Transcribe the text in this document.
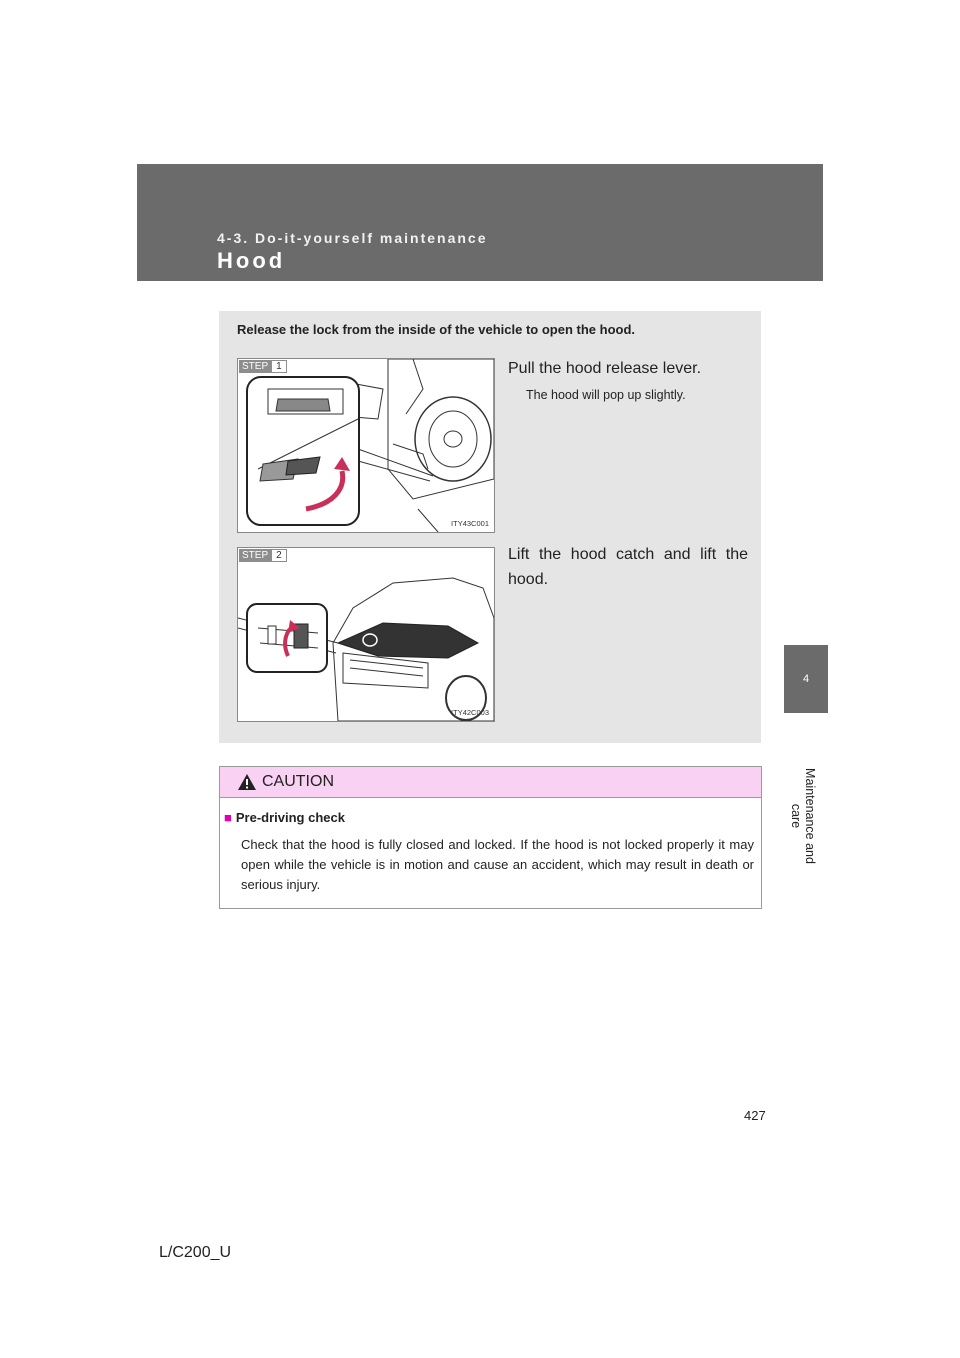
4-3. Do-it-yourself maintenance
Hood
4
Maintenance and care
Release the lock from the inside of the vehicle to open the hood.
STEP 1
ITY43C001
Pull the hood release lever.
The hood will pop up slightly.
STEP 2
ITY42C003
Lift the hood catch and lift the hood.
CAUTION
■ Pre-driving check
Check that the hood is fully closed and locked. If the hood is not locked properly it may open while the vehicle is in motion and cause an accident, which may result in death or serious injury.
427
L/C200_U
